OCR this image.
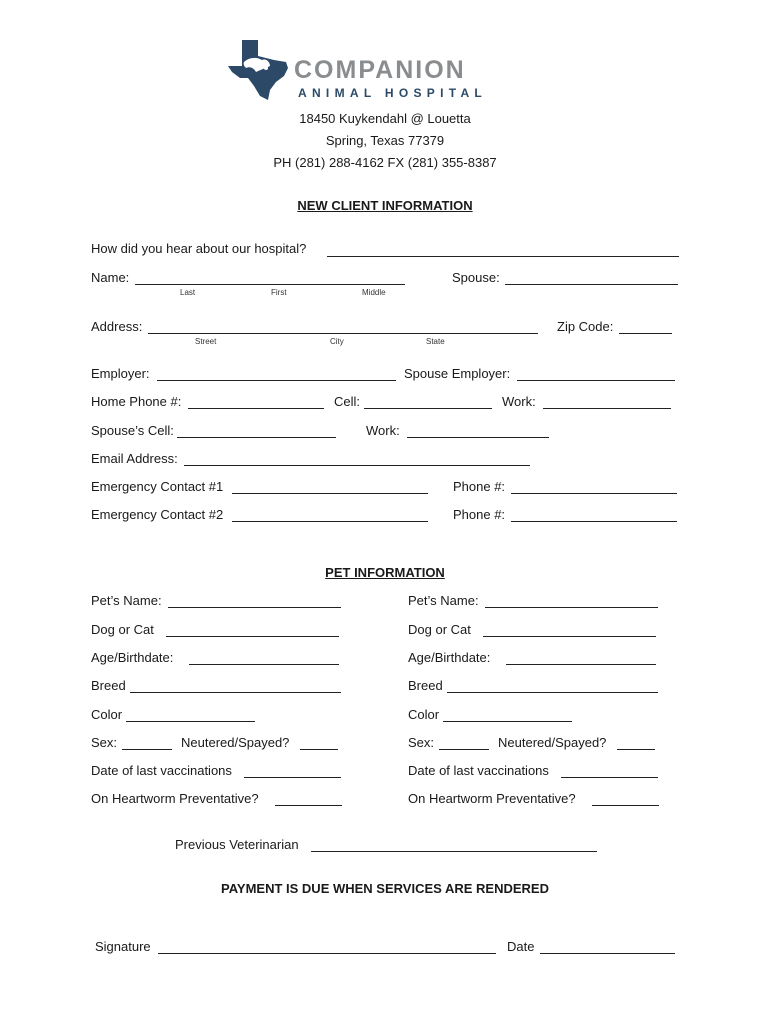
COMPANION
ANIMAL HOSPITAL
18450 Kuykendahl @ Louetta
Spring, Texas 77379
PH (281) 288-4162 FX (281) 355-8387
NEW CLIENT INFORMATION
How did you hear about our hospital?
Name:
Last	First	Middle
Spouse:
Address:
Street	City	State
Zip Code:
Employer:	Spouse Employer:
Home Phone #:	Cell:	Work:
Spouse’s Cell:	Work:
Email Address:
Emergency Contact #1	Phone #:
Emergency Contact #2	Phone #:
PET INFORMATION
Pet’s Name:
Dog or Cat
Age/Birthdate:
Breed
Color
Sex:	Neutered/Spayed?
Date of last vaccinations
On Heartworm Preventative?
Pet’s Name:
Dog or Cat
Age/Birthdate:
Breed
Color
Sex:	Neutered/Spayed?
Date of last vaccinations
On Heartworm Preventative?
Previous Veterinarian
PAYMENT IS DUE WHEN SERVICES ARE RENDERED
Signature	Date
